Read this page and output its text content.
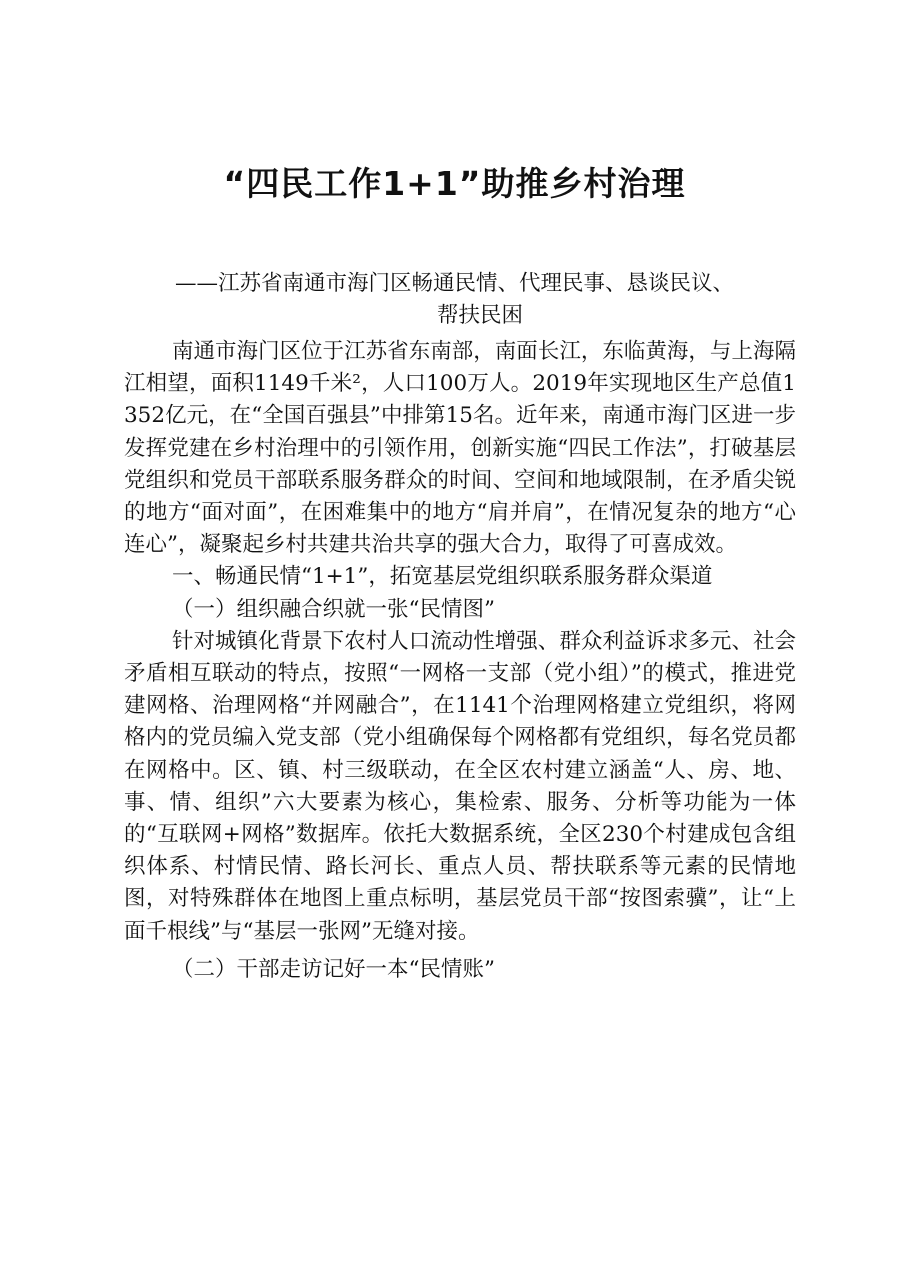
“四民工作1+1”助推乡村治理

——江苏省南通市海门区畅通民情、代理民事、恳谈民议、
帮扶民困

南通市海门区位于江苏省东南部，南面长江，东临黄海，与上海隔江相望，面积1149千米²，人口100万人。2019年实现地区生产总值1352亿元，在“全国百强县”中排第15名。近年来，南通市海门区进一步发挥党建在乡村治理中的引领作用，创新实施“四民工作法”，打破基层党组织和党员干部联系服务群众的时间、空间和地域限制，在矛盾尖锐的地方“面对面”，在困难集中的地方“肩并肩”，在情况复杂的地方“心连心”，凝聚起乡村共建共治共享的强大合力，取得了可喜成效。

一、畅通民情“1+1”，拓宽基层党组织联系服务群众渠道

（一）组织融合织就一张“民情图”

针对城镇化背景下农村人口流动性增强、群众利益诉求多元、社会矛盾相互联动的特点，按照“一网格一支部（党小组）”的模式，推进党建网格、治理网格“并网融合”，在1141个治理网格建立党组织，将网格内的党员编入党支部（党小组确保每个网格都有党组织，每名党员都在网格中。区、镇、村三级联动，在全区农村建立涵盖“人、房、地、事、情、组织”六大要素为核心，集检索、服务、分析等功能为一体的“互联网+网格”数据库。依托大数据系统，全区230个村建成包含组织体系、村情民情、路长河长、重点人员、帮扶联系等元素的民情地图，对特殊群体在地图上重点标明，基层党员干部“按图索骥”，让“上面千根线”与“基层一张网”无缝对接。

（二）干部走访记好一本“民情账”
